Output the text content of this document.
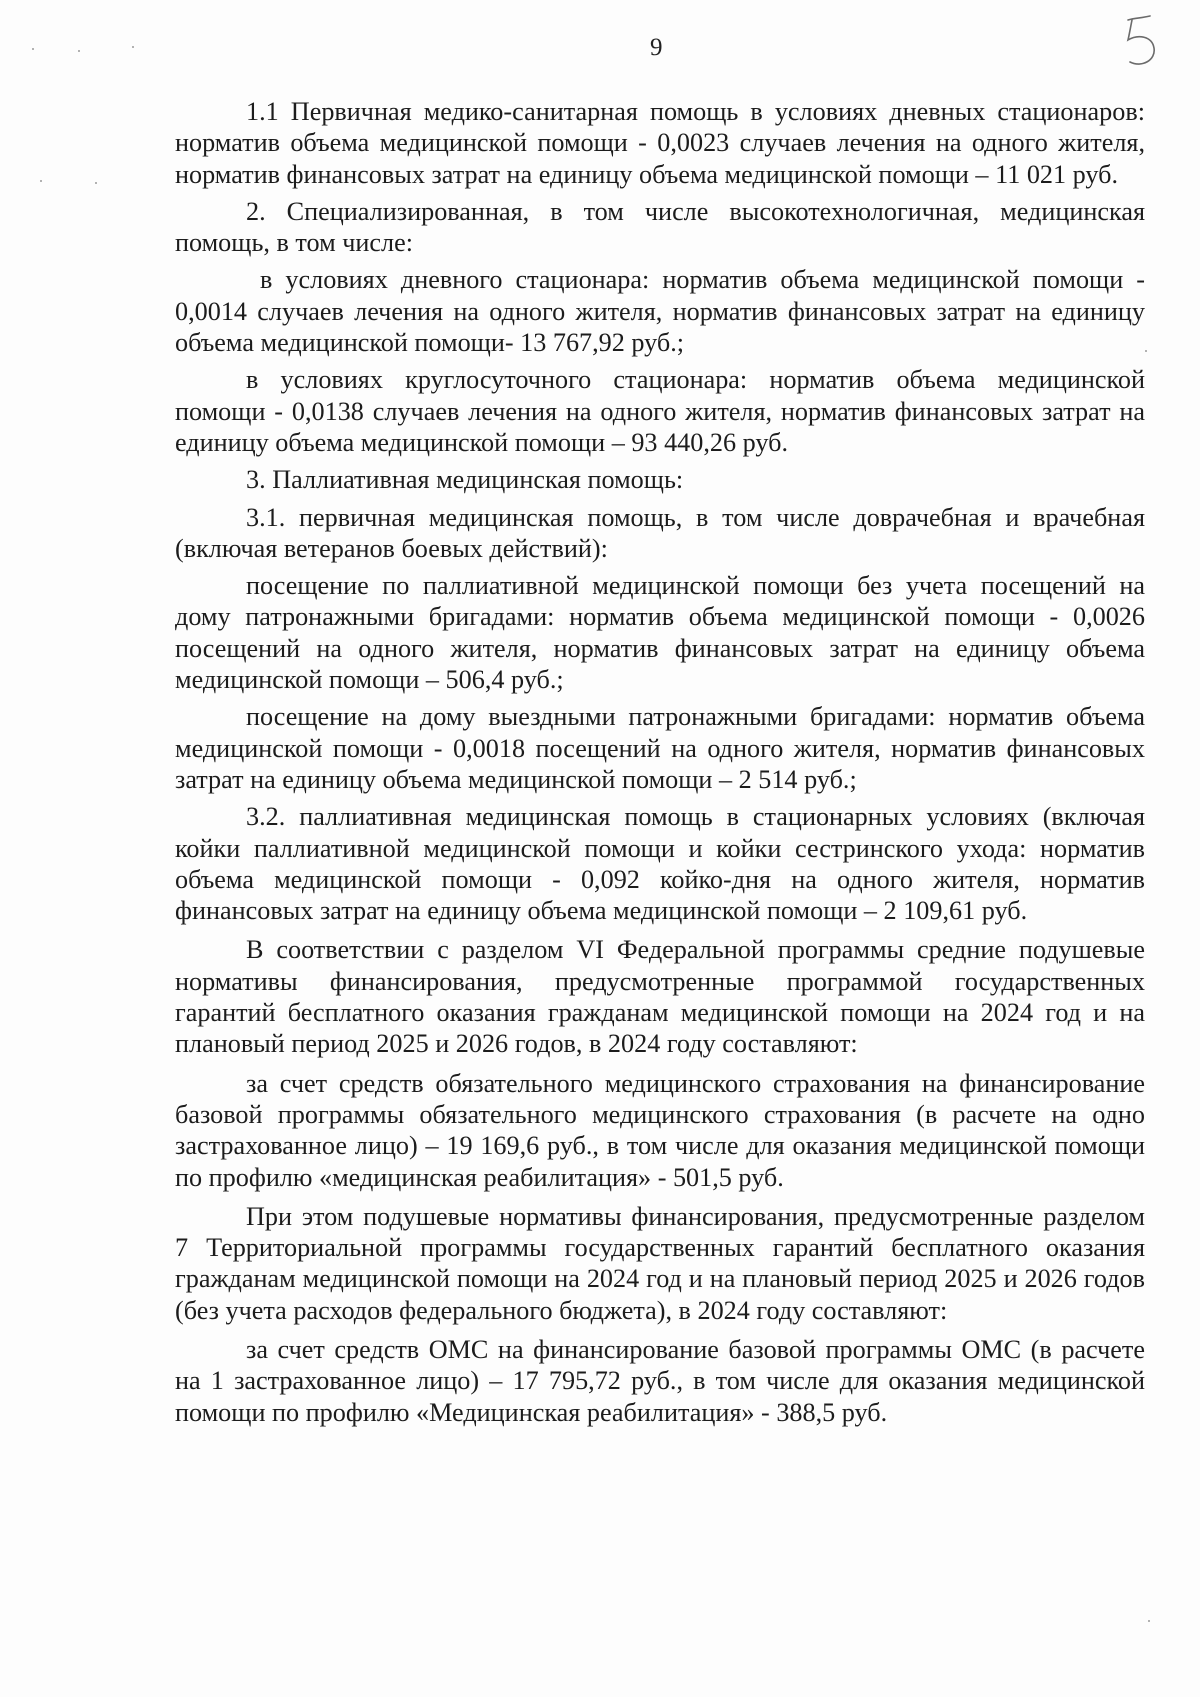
9

1.1 Первичная медико-санитарная помощь в условиях дневных стационаров: норматив объема медицинской помощи - 0,0023 случаев лечения на одного жителя, норматив финансовых затрат на единицу объема медицинской помощи – 11 021 руб.

2. Специализированная, в том числе высокотехнологичная, медицинская помощь, в том числе:

в условиях дневного стационара: норматив объема медицинской помощи - 0,0014 случаев лечения на одного жителя, норматив финансовых затрат на единицу объема медицинской помощи- 13 767,92 руб.;

в условиях круглосуточного стационара: норматив объема медицинской помощи - 0,0138 случаев лечения на одного жителя, норматив финансовых затрат на единицу объема медицинской помощи – 93 440,26 руб.

3. Паллиативная медицинская помощь:

3.1. первичная медицинская помощь, в том числе доврачебная и врачебная (включая ветеранов боевых действий):

посещение по паллиативной медицинской помощи без учета посещений на дому патронажными бригадами: норматив объема медицинской помощи - 0,0026 посещений на одного жителя, норматив финансовых затрат на единицу объема медицинской помощи – 506,4 руб.;

посещение на дому выездными патронажными бригадами: норматив объема медицинской помощи - 0,0018 посещений на одного жителя, норматив финансовых затрат на единицу объема медицинской помощи – 2 514 руб.;

3.2. паллиативная медицинская помощь в стационарных условиях (включая койки паллиативной медицинской помощи и койки сестринского ухода: норматив объема медицинской помощи - 0,092 койко-дня на одного жителя, норматив финансовых затрат на единицу объема медицинской помощи – 2 109,61 руб.

В соответствии с разделом VI Федеральной программы средние подушевые нормативы финансирования, предусмотренные программой государственных гарантий бесплатного оказания гражданам медицинской помощи на 2024 год и на плановый период 2025 и 2026 годов, в 2024 году составляют:

за счет средств обязательного медицинского страхования на финансирование базовой программы обязательного медицинского страхования (в расчете на одно застрахованное лицо) – 19 169,6 руб., в том числе для оказания медицинской помощи по профилю «медицинская реабилитация» - 501,5 руб.

При этом подушевые нормативы финансирования, предусмотренные разделом 7 Территориальной программы государственных гарантий бесплатного оказания гражданам медицинской помощи на 2024 год и на плановый период 2025 и 2026 годов (без учета расходов федерального бюджета), в 2024 году составляют:

за счет средств ОМС на финансирование базовой программы ОМС (в расчете на 1 застрахованное лицо) – 17 795,72 руб., в том числе для оказания медицинской помощи по профилю «Медицинская реабилитация» - 388,5 руб.
